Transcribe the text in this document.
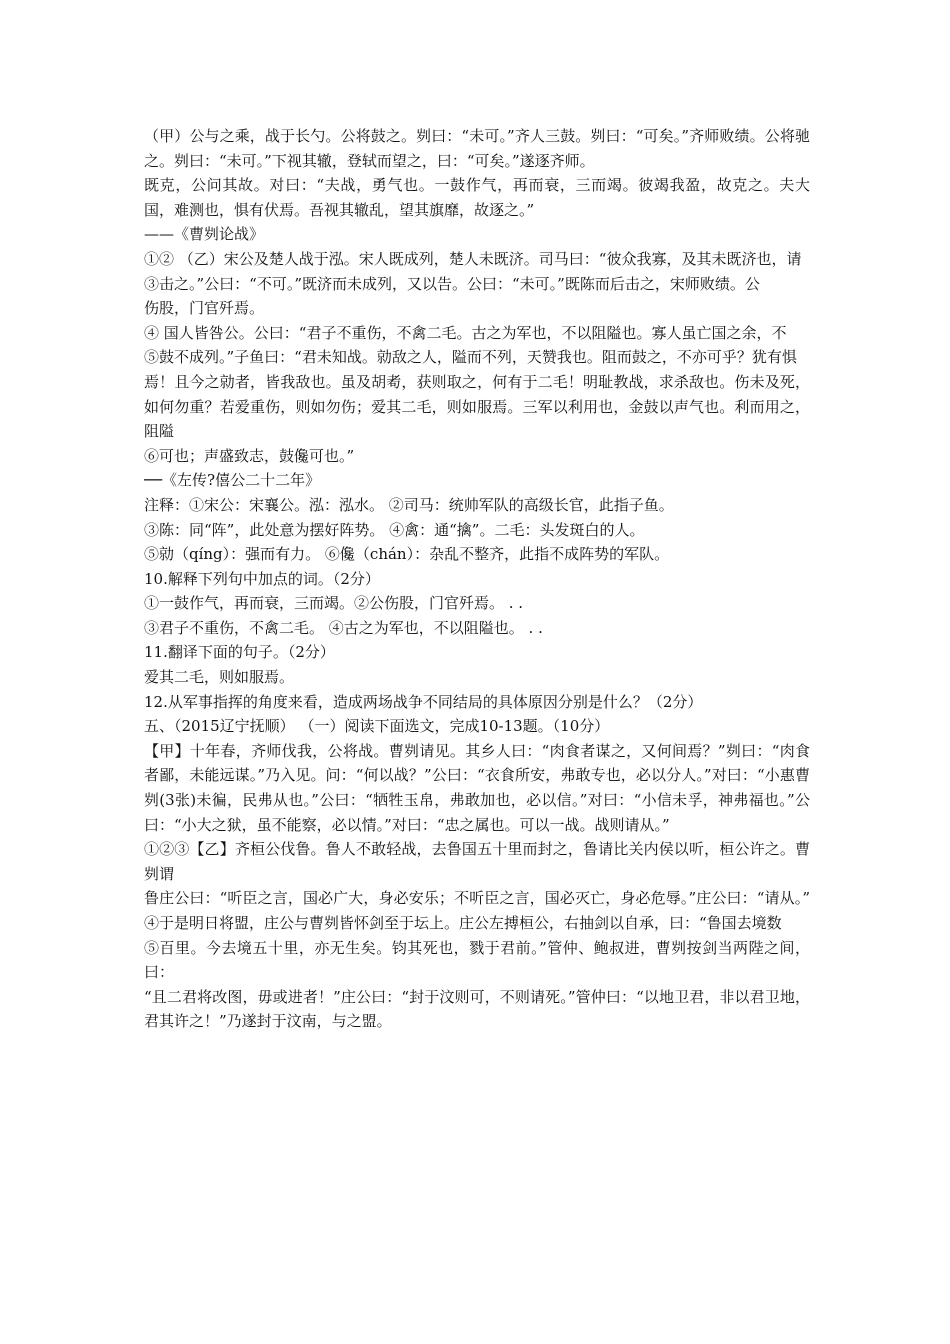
（甲）公与之乘，战于长勺。公将鼓之。刿曰：“未可。”齐人三鼓。刿曰：“可矣。”齐师败绩。公将驰之。刿曰：“未可。”下视其辙，登轼而望之，曰：“可矣。”遂逐齐师。

既克，公问其故。对曰：“夫战，勇气也。一鼓作气，再而衰，三而竭。彼竭我盈，故克之。夫大国，难测也，惧有伏焉。吾视其辙乱，望其旗靡，故逐之。”

——《曹刿论战》

①② （乙）宋公及楚人战于泓。宋人既成列，楚人未既济。司马曰：“彼众我寡，及其未既济也，请

③击之。”公曰：“不可。”既济而未成列，又以告。公曰：“未可。”既陈而后击之，宋师败绩。公

伤股，门官歼焉。

④ 国人皆咎公。公曰：“君子不重伤，不禽二毛。古之为军也，不以阻隘也。寡人虽亡国之余，不

⑤鼓不成列。”子鱼曰：“君未知战。勍敌之人，隘而不列，天赞我也。阻而鼓之，不亦可乎？犹有惧

焉！且今之勍者，皆我敌也。虽及胡耇，获则取之，何有于二毛！明耻教战，求杀敌也。伤未及死，如何勿重？若爱重伤，则如勿伤；爱其二毛，则如服焉。三军以利用也，金鼓以声气也。利而用之，阻隘

⑥可也；声盛致志，鼓儳可也。”

──《左传?僖公二十二年》

注释：①宋公：宋襄公。泓：泓水。 ②司马：统帅军队的高级长官，此指子鱼。

③陈：同“阵”，此处意为摆好阵势。 ④禽：通“擒”。二毛：头发斑白的人。

⑤勍（qíng）：强而有力。 ⑥儳（chán）：杂乱不整齐，此指不成阵势的军队。

10.解释下列句中加点的词。（2分）

①一鼓作气，再而衰，三而竭。②公伤股，门官歼焉。 . .

③君子不重伤，不禽二毛。 ④古之为军也，不以阻隘也。 . .

11.翻译下面的句子。（2分）

爱其二毛，则如服焉。

12.从军事指挥的角度来看，造成两场战争不同结局的具体原因分别是什么？（2分）

五、（2015辽宁抚顺） （一）阅读下面选文，完成10-13题。（10分）

【甲】十年春，齐师伐我，公将战。曹刿请见。其乡人曰：“肉食者谋之，又何间焉？”刿曰：“肉食者鄙，未能远谋。”乃入见。问：“何以战？”公曰：“衣食所安，弗敢专也，必以分人。”对曰：“小惠曹刿(3张)未徧，民弗从也。”公曰：“牺牲玉帛，弗敢加也，必以信。”对曰：“小信未孚，神弗福也。”公曰：“小大之狱，虽不能察，必以情。”对曰：“忠之属也。可以一战。战则请从。”

①②③【乙】齐桓公伐鲁。鲁人不敢轻战，去鲁国五十里而封之，鲁请比关内侯以听，桓公许之。曹刿谓

鲁庄公曰：“听臣之言，国必广大，身必安乐；不听臣之言，国必灭亡，身必危辱。”庄公曰：“请从。” ④于是明日将盟，庄公与曹刿皆怀剑至于坛上。庄公左搏桓公，右抽剑以自承，曰：“鲁国去境数

⑤百里。今去境五十里，亦无生矣。钧其死也，戮于君前。”管仲、鲍叔进，曹刿按剑当两陛之间，曰：

“且二君将改图，毋或进者！”庄公曰：“封于汶则可，不则请死。”管仲曰：“以地卫君，非以君卫地，君其许之！”乃遂封于汶南，与之盟。
